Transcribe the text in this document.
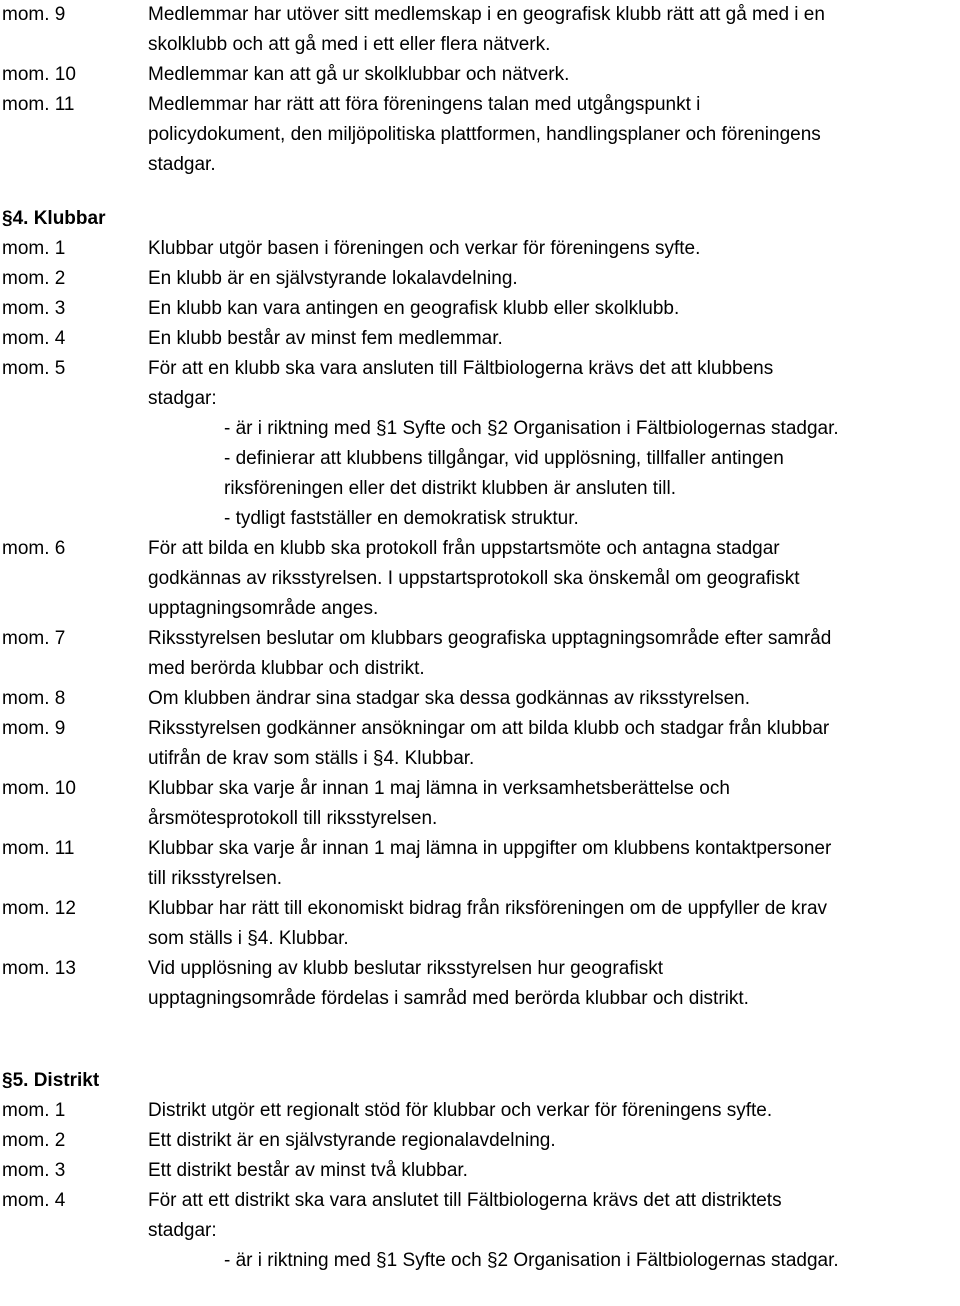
mom. 9	Medlemmar har utöver sitt medlemskap i en geografisk klubb rätt att gå med i en
skolklubb och att gå med i ett eller flera nätverk.
mom. 10	Medlemmar kan att gå ur skolklubbar och nätverk.
mom. 11	Medlemmar har rätt att föra föreningens talan med utgångspunkt i
policydokument, den miljöpolitiska plattformen, handlingsplaner och föreningens
stadgar.
§4. Klubbar
mom. 1	Klubbar utgör basen i föreningen och verkar för föreningens syfte.
mom. 2	En klubb är en självstyrande lokalavdelning.
mom. 3	En klubb kan vara antingen en geografisk klubb eller skolklubb.
mom. 4	En klubb består av minst fem medlemmar.
mom. 5	För att en klubb ska vara ansluten till Fältbiologerna krävs det att klubbens
stadgar:
- är i riktning med §1 Syfte och §2 Organisation i Fältbiologernas stadgar.
- definierar att klubbens tillgångar, vid upplösning, tillfaller antingen
riksföreningen eller det distrikt klubben är ansluten till.
- tydligt fastställer en demokratisk struktur.
mom. 6	För att bilda en klubb ska protokoll från uppstartsmöte och antagna stadgar
godkännas av riksstyrelsen. I uppstartsprotokoll ska önskemål om geografiskt
upptagningsområde anges.
mom. 7	Riksstyrelsen beslutar om klubbars geografiska upptagningsområde efter samråd
med berörda klubbar och distrikt.
mom. 8	Om klubben ändrar sina stadgar ska dessa godkännas av riksstyrelsen.
mom. 9	Riksstyrelsen godkänner ansökningar om att bilda klubb och stadgar från klubbar
utifrån de krav som ställs i §4. Klubbar.
mom. 10	Klubbar ska varje år innan 1 maj lämna in verksamhetsberättelse och
årsmötesprotokoll till riksstyrelsen.
mom. 11	Klubbar ska varje år innan 1 maj lämna in uppgifter om klubbens kontaktpersoner
till riksstyrelsen.
mom. 12	Klubbar har rätt till ekonomiskt bidrag från riksföreningen om de uppfyller de krav
som ställs i §4. Klubbar.
mom. 13	Vid upplösning av klubb beslutar riksstyrelsen hur geografiskt
upptagningsområde fördelas i samråd med berörda klubbar och distrikt.
§5. Distrikt
mom. 1	Distrikt utgör ett regionalt stöd för klubbar och verkar för föreningens syfte.
mom. 2	Ett distrikt är en självstyrande regionalavdelning.
mom. 3	Ett distrikt består av minst två klubbar.
mom. 4	För att ett distrikt ska vara anslutet till Fältbiologerna krävs det att distriktets
stadgar:
- är i riktning med §1 Syfte och §2 Organisation i Fältbiologernas stadgar.
